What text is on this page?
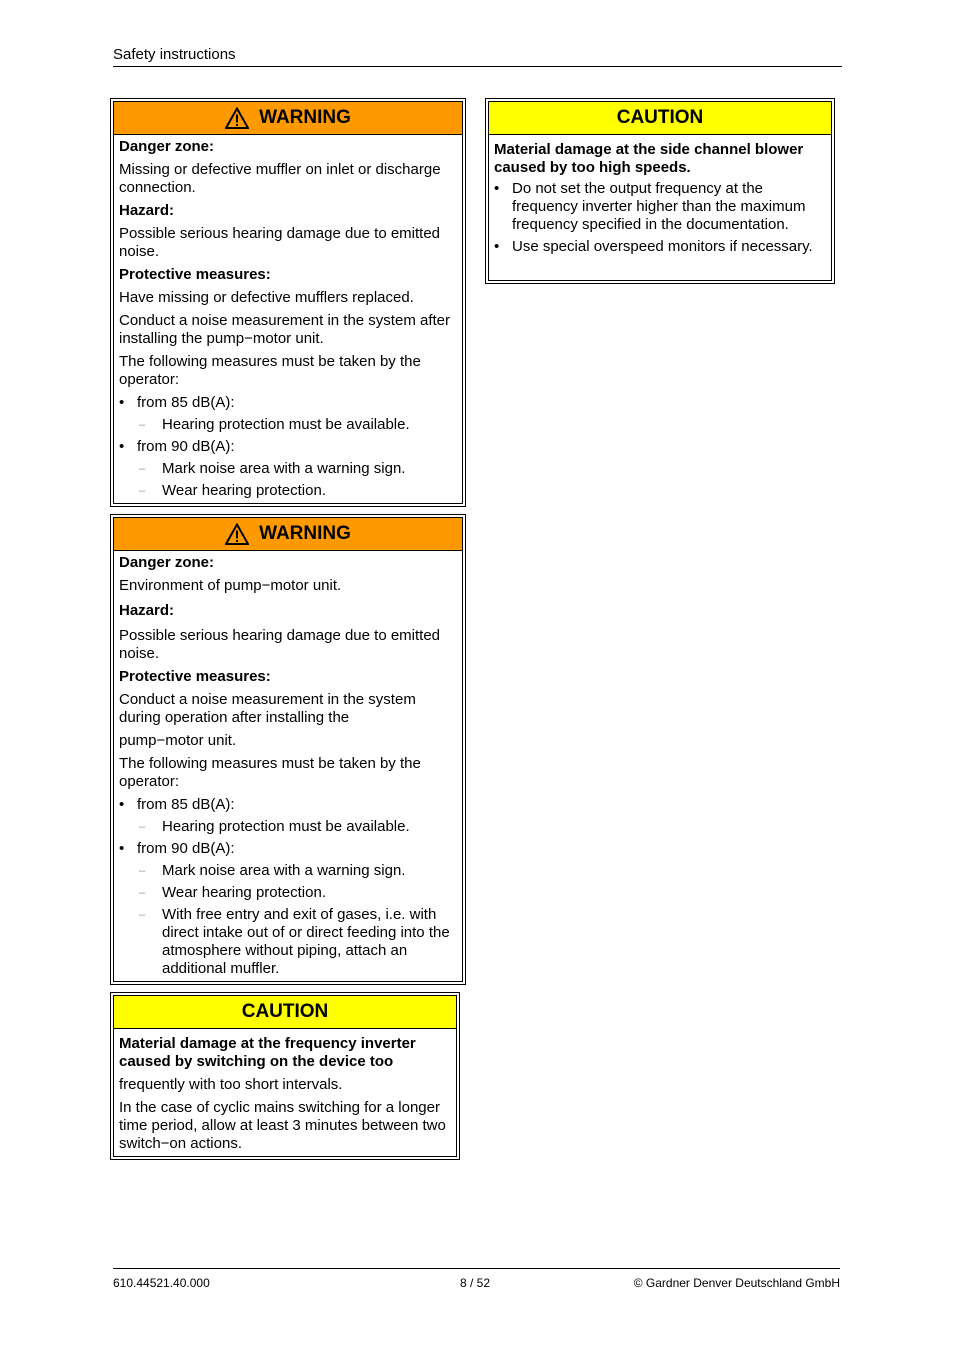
Safety instructions
WARNING
Danger zone:
Missing or defective muffler on inlet or discharge connection.
Hazard:
Possible serious hearing damage due to emitted noise.
Protective measures:
Have missing or defective mufflers replaced.
Conduct a noise measurement in the system after installing the pump−motor unit.
The following measures must be taken by the operator:
• from 85 dB(A):
– Hearing protection must be available.
• from 90 dB(A):
– Mark noise area with a warning sign.
– Wear hearing protection.
WARNING
Danger zone:
Environment of pump−motor unit.
Hazard:
Possible serious hearing damage due to emitted noise.
Protective measures:
Conduct a noise measurement in the system during operation after installing the
pump−motor unit.
The following measures must be taken by the operator:
• from 85 dB(A):
– Hearing protection must be available.
• from 90 dB(A):
– Mark noise area with a warning sign.
– Wear hearing protection.
– With free entry and exit of gases, i.e. with direct intake out of or direct feeding into the atmosphere without piping, attach an additional muffler.
CAUTION
Material damage at the frequency inverter caused by switching on the device too
frequently with too short intervals.
In the case of cyclic mains switching for a longer time period, allow at least 3 minutes between two switch−on actions.
CAUTION
Material damage at the side channel blower caused by too high speeds.
• Do not set the output frequency at the frequency inverter higher than the maximum frequency specified in the documentation.
• Use special overspeed monitors if necessary.
610.44521.40.000	8 / 52	© Gardner Denver Deutschland GmbH
